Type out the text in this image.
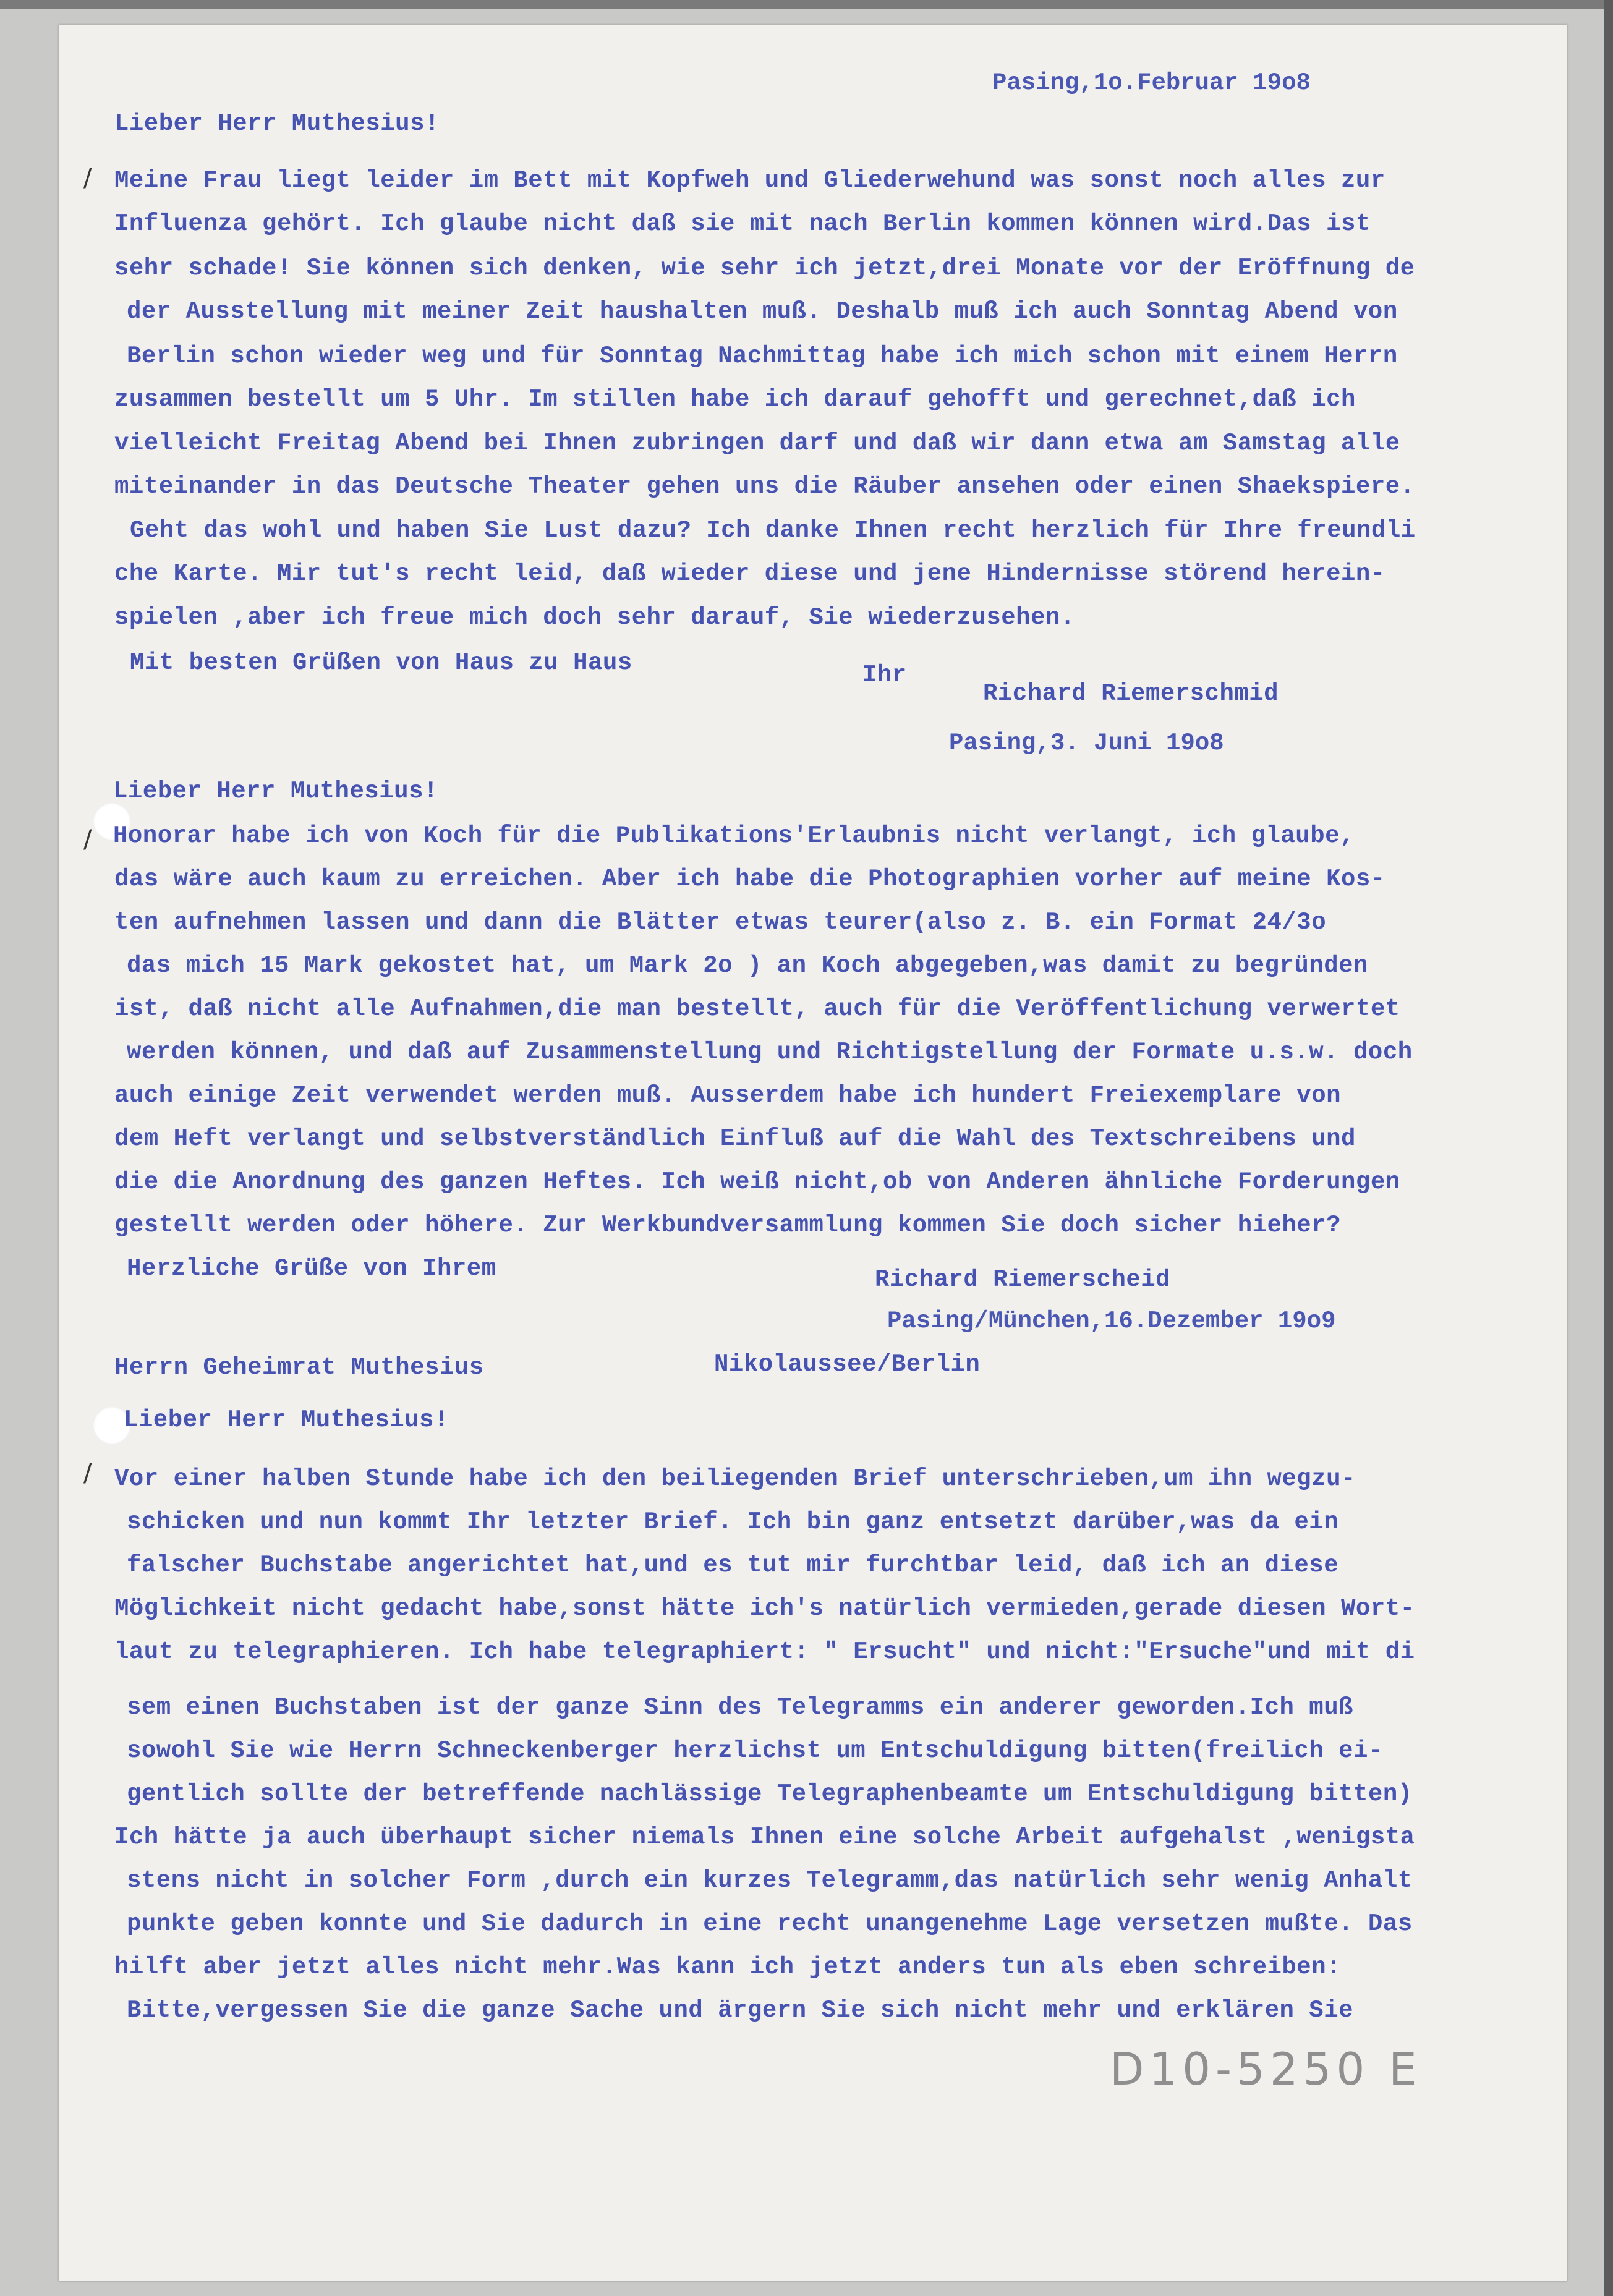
Pasing,1o.Februar 19o8
Lieber Herr Muthesius!
Meine Frau liegt leider im Bett mit Kopfweh und Gliederwehund was sonst noch alles zur
Influenza gehört. Ich glaube nicht daß sie mit nach Berlin kommen können wird.Das ist
sehr schade! Sie können sich denken, wie sehr ich jetzt,drei Monate vor der Eröffnung de
der Ausstellung mit meiner Zeit haushalten muß. Deshalb muß ich auch Sonntag Abend von
Berlin schon wieder weg und für Sonntag Nachmittag habe ich mich schon mit einem Herrn
zusammen bestellt um 5 Uhr. Im stillen habe ich darauf gehofft und gerechnet,daß ich
vielleicht Freitag Abend bei Ihnen zubringen darf und daß wir dann etwa am Samstag alle
miteinander in das Deutsche Theater gehen uns die Räuber ansehen oder einen Shaekspiere.
Geht das wohl und haben Sie Lust dazu? Ich danke Ihnen recht herzlich für Ihre freundli
che Karte. Mir tut's recht leid, daß wieder diese und jene Hindernisse störend herein-
spielen ,aber ich freue mich doch sehr darauf, Sie wiederzusehen.
Mit besten Grüßen von Haus zu Haus	Ihr
Richard Riemerschmid
Pasing,3. Juni 19o8
Lieber Herr Muthesius!
Honorar habe ich von Koch für die Publikations'Erlaubnis nicht verlangt, ich glaube,
das wäre auch kaum zu erreichen. Aber ich habe die Photographien vorher auf meine Kos-
ten aufnehmen lassen und dann die Blätter etwas teurer(also z. B. ein Format 24/3o
das mich 15 Mark gekostet hat, um Mark 2o ) an Koch abgegeben,was damit zu begründen
ist, daß nicht alle Aufnahmen,die man bestellt, auch für die Veröffentlichung verwertet
werden können, und daß auf Zusammenstellung und Richtigstellung der Formate u.s.w. doch
auch einige Zeit verwendet werden muß. Ausserdem habe ich hundert Freiexemplare von
dem Heft verlangt und selbstverständlich Einfluß auf die Wahl des Textschreibens und
die die Anordnung des ganzen Heftes. Ich weiß nicht,ob von Anderen ähnliche Forderungen
gestellt werden oder höhere. Zur Werkbundversammlung kommen Sie doch sicher hieher?
Herzliche Grüße von Ihrem	Richard Riemerscheid
Pasing/München,16.Dezember 19o9
Herrn Geheimrat Muthesius	Nikolaussee/Berlin
Lieber Herr Muthesius!
Vor einer halben Stunde habe ich den beiliegenden Brief unterschrieben,um ihn wegzu-
schicken und nun kommt Ihr letzter Brief. Ich bin ganz entsetzt darüber,was da ein
falscher Buchstabe angerichtet hat,und es tut mir furchtbar leid, daß ich an diese
Möglichkeit nicht gedacht habe,sonst hätte ich's natürlich vermieden,gerade diesen Wort-
laut zu telegraphieren. Ich habe telegraphiert: " Ersucht" und nicht:"Ersuche"und mit di
sem einen Buchstaben ist der ganze Sinn des Telegramms ein anderer geworden.Ich muß
sowohl Sie wie Herrn Schneckenberger herzlichst um Entschuldigung bitten(freilich ei-
gentlich sollte der betreffende nachlässige Telegraphenbeamte um Entschuldigung bitten)
Ich hätte ja auch überhaupt sicher niemals Ihnen eine solche Arbeit aufgehalst ,wenigsta
stens nicht in solcher Form ,durch ein kurzes Telegramm,das natürlich sehr wenig Anhalt
punkte geben konnte und Sie dadurch in eine recht unangenehme Lage versetzen mußte. Das
hilft aber jetzt alles nicht mehr.Was kann ich jetzt anders tun als eben schreiben:
Bitte,vergessen Sie die ganze Sache und ärgern Sie sich nicht mehr und erklären Sie
/
/
/
D10-5250 E
